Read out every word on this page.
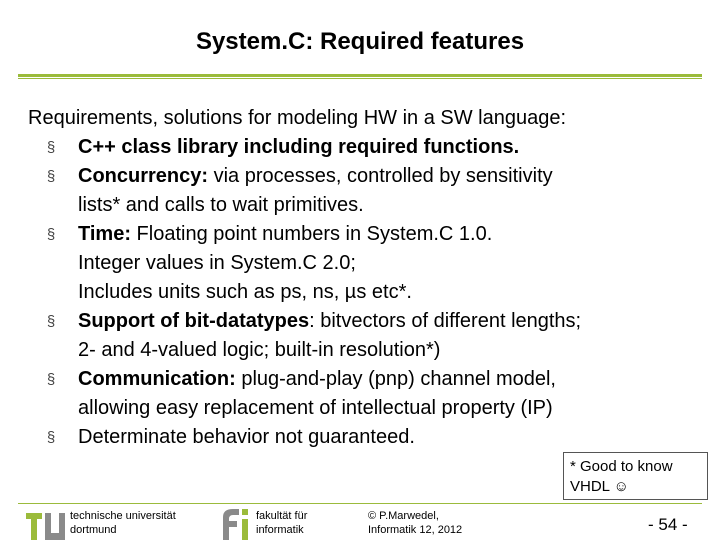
System.C: Required features
Requirements, solutions for modeling HW in a SW language:
§ C++ class library including required functions.
§ Concurrency: via processes, controlled by sensitivity
lists* and calls to wait primitives.
§ Time: Floating point numbers in System.C 1.0.
Integer values in System.C 2.0;
Includes units such as ps, ns, µs etc*.
§ Support of bit-datatypes: bitvectors of different lengths;
2- and 4-valued logic; built-in resolution*)
§ Communication: plug-and-play (pnp) channel model,
allowing easy replacement of intellectual property (IP)
§ Determinate behavior not guaranteed.
* Good to know
VHDL ☺
technische universität
dortmund
fakultät für
informatik
© P.Marwedel,
Informatik 12, 2012	- 54 -
